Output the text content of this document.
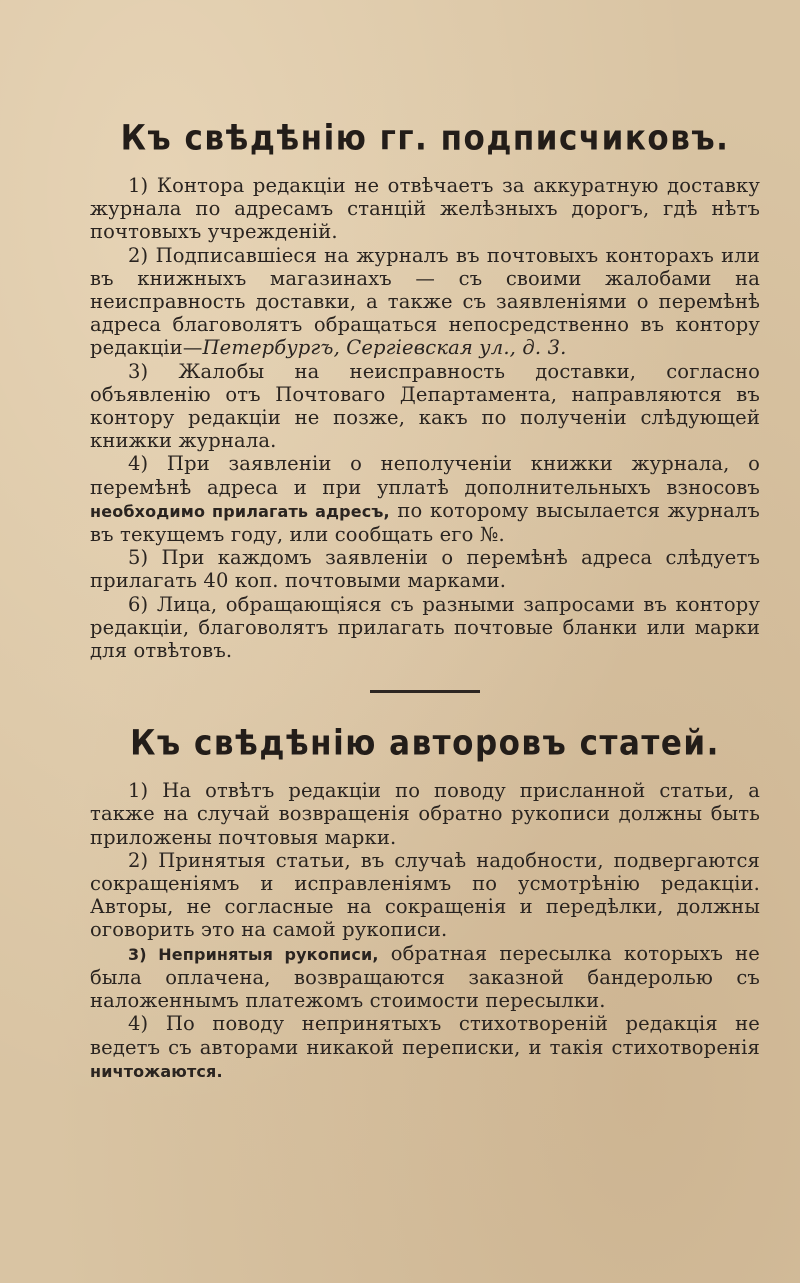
Къ свѣдѣнію гг. подписчиковъ.

1) Контора редакціи не отвѣчаетъ за аккуратную доставку журнала по адресамъ станцій желѣзныхъ дорогъ, гдѣ нѣтъ почтовыхъ учрежденій.

2) Подписавшіеся на журналъ въ почтовыхъ конторахъ или въ книжныхъ магазинахъ — съ своими жалобами на неисправность доставки, а также съ заявленіями о перемѣнѣ адреса благоволятъ обращаться непосредственно въ контору редакціи—Петербургъ, Сергіевская ул., д. 3.

3) Жалобы на неисправность доставки, согласно объявленію отъ Почтоваго Департамента, направляются въ контору редакціи не позже, какъ по полученіи слѣдующей книжки журнала.

4) При заявленіи о неполученіи книжки журнала, о перемѣнѣ адреса и при уплатѣ дополнительныхъ взносовъ необходимо прилагать адресъ, по которому высылается журналъ въ текущемъ году, или сообщать его №.

5) При каждомъ заявленіи о перемѣнѣ адреса слѣдуетъ прилагать 40 коп. почтовыми марками.

6) Лица, обращающіяся съ разными запросами въ контору редакціи, благоволятъ прилагать почтовые бланки или марки для отвѣтовъ.

Къ свѣдѣнію авторовъ статей.

1) На отвѣтъ редакціи по поводу присланной статьи, а также на случай возвращенія обратно рукописи должны быть приложены почтовыя марки.

2) Принятыя статьи, въ случаѣ надобности, подвергаются сокращеніямъ и исправленіямъ по усмотрѣнію редакціи. Авторы, не согласные на сокращенія и передѣлки, должны оговорить это на самой рукописи.

3) Непринятыя рукописи, обратная пересылка которыхъ не была оплачена, возвращаются заказной бандеролью съ наложеннымъ платежомъ стоимости пересылки.

4) По поводу непринятыхъ стихотвореній редакція не ведетъ съ авторами никакой переписки, и такія стихотворенія ничтожаются.
